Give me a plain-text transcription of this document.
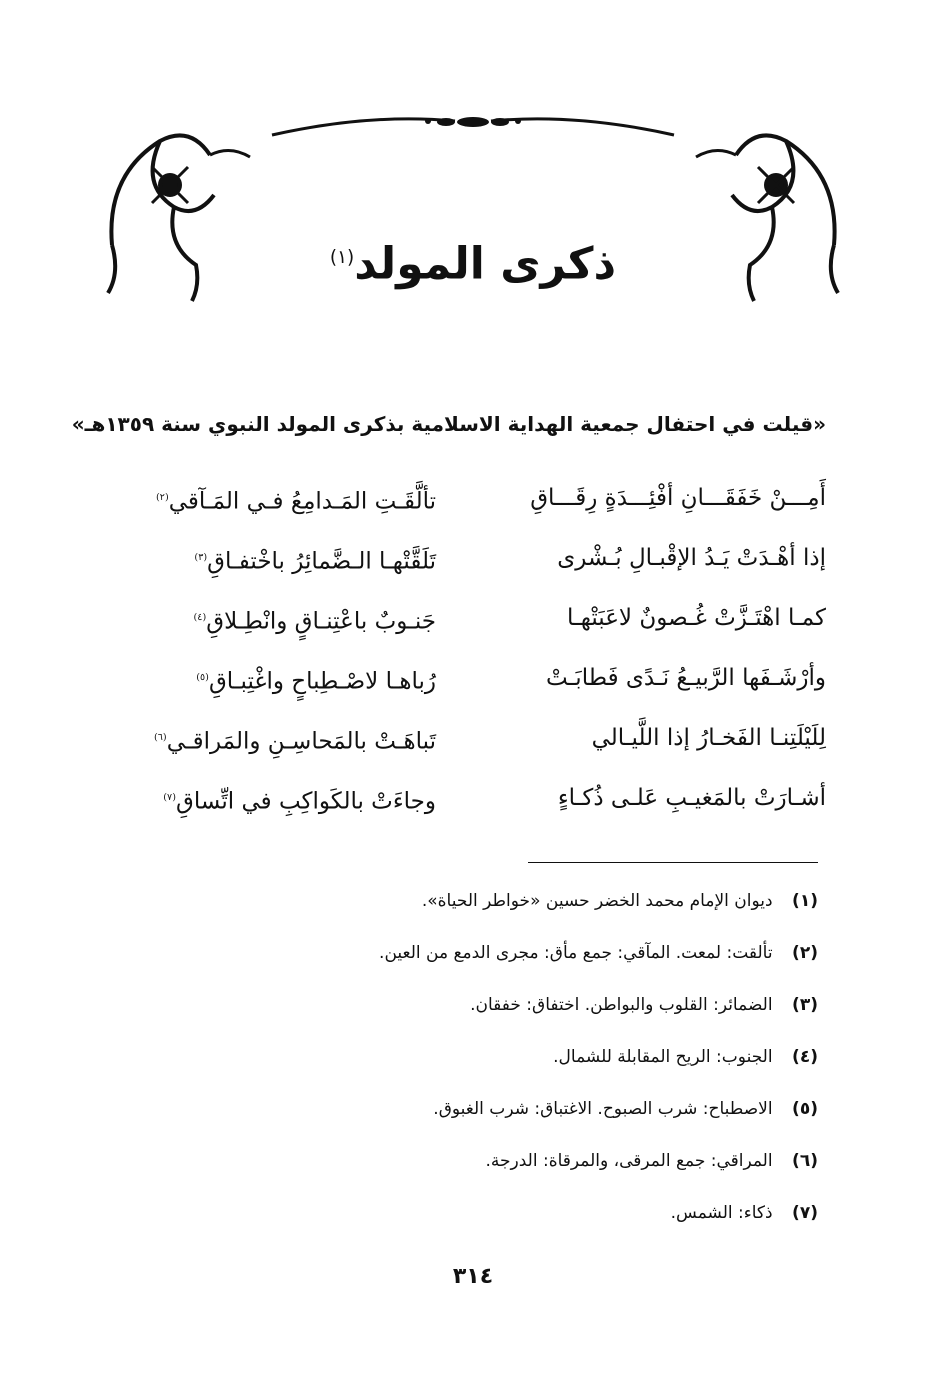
ذكرى المولد$^{(١)}$
«قيلت في احتفال جمعية الهداية الاسلامية بذكرى المولد النبوي سنة ١٣٥٩هـ»
أَمِـــنْ خَفَقَـــانِ أفْئِـــدَةٍ رِقَـــاقِ
تألَّقَـتِ المَـدامِعُ فـي المَـآقي$^{(٢)}$
إذا أهْـدَتْ يَـدُ الإقْبـالِ بُـشْرى
تَلَقَّتْهـا الـضَّمائِرُ باخْتفـاقِ$^{(٣)}$
كمـا اهْتَـزَّتْ غُـصونٌ لاعَبَتْهـا
جَنـوبٌ باعْتِنـاقٍ وانْطِـلاقِ$^{(٤)}$
وأرْشَـفَها الرَّبيـعُ نَـدًى فَطابَـتْ
رُباهـا لاصْـطِباحٍ واغْتِبـاقِ$^{(٥)}$
لِلَيْلَتِنـا الفَخـارُ إذا اللَّيـالي
تَباهَـتْ بالمَحاسِـنِ والمَراقـي$^{(٦)}$
أشـارَتْ بالمَغيـبِ عَلـى ذُكـاءٍ
وجاءَتْ بالكَواكِبِ في اتِّساقِ$^{(٧)}$
(١) ديوان الإمام محمد الخضر حسين «خواطر الحياة».
(٢) تألقت: لمعت. المآقي: جمع مأق: مجرى الدمع من العين.
(٣) الضمائر: القلوب والبواطن. اختفاق: خفقان.
(٤) الجنوب: الريح المقابلة للشمال.
(٥) الاصطباح: شرب الصبوح. الاغتباق: شرب الغبوق.
(٦) المراقي: جمع المرقى، والمرقاة: الدرجة.
(٧) ذكاء: الشمس.
٣١٤
